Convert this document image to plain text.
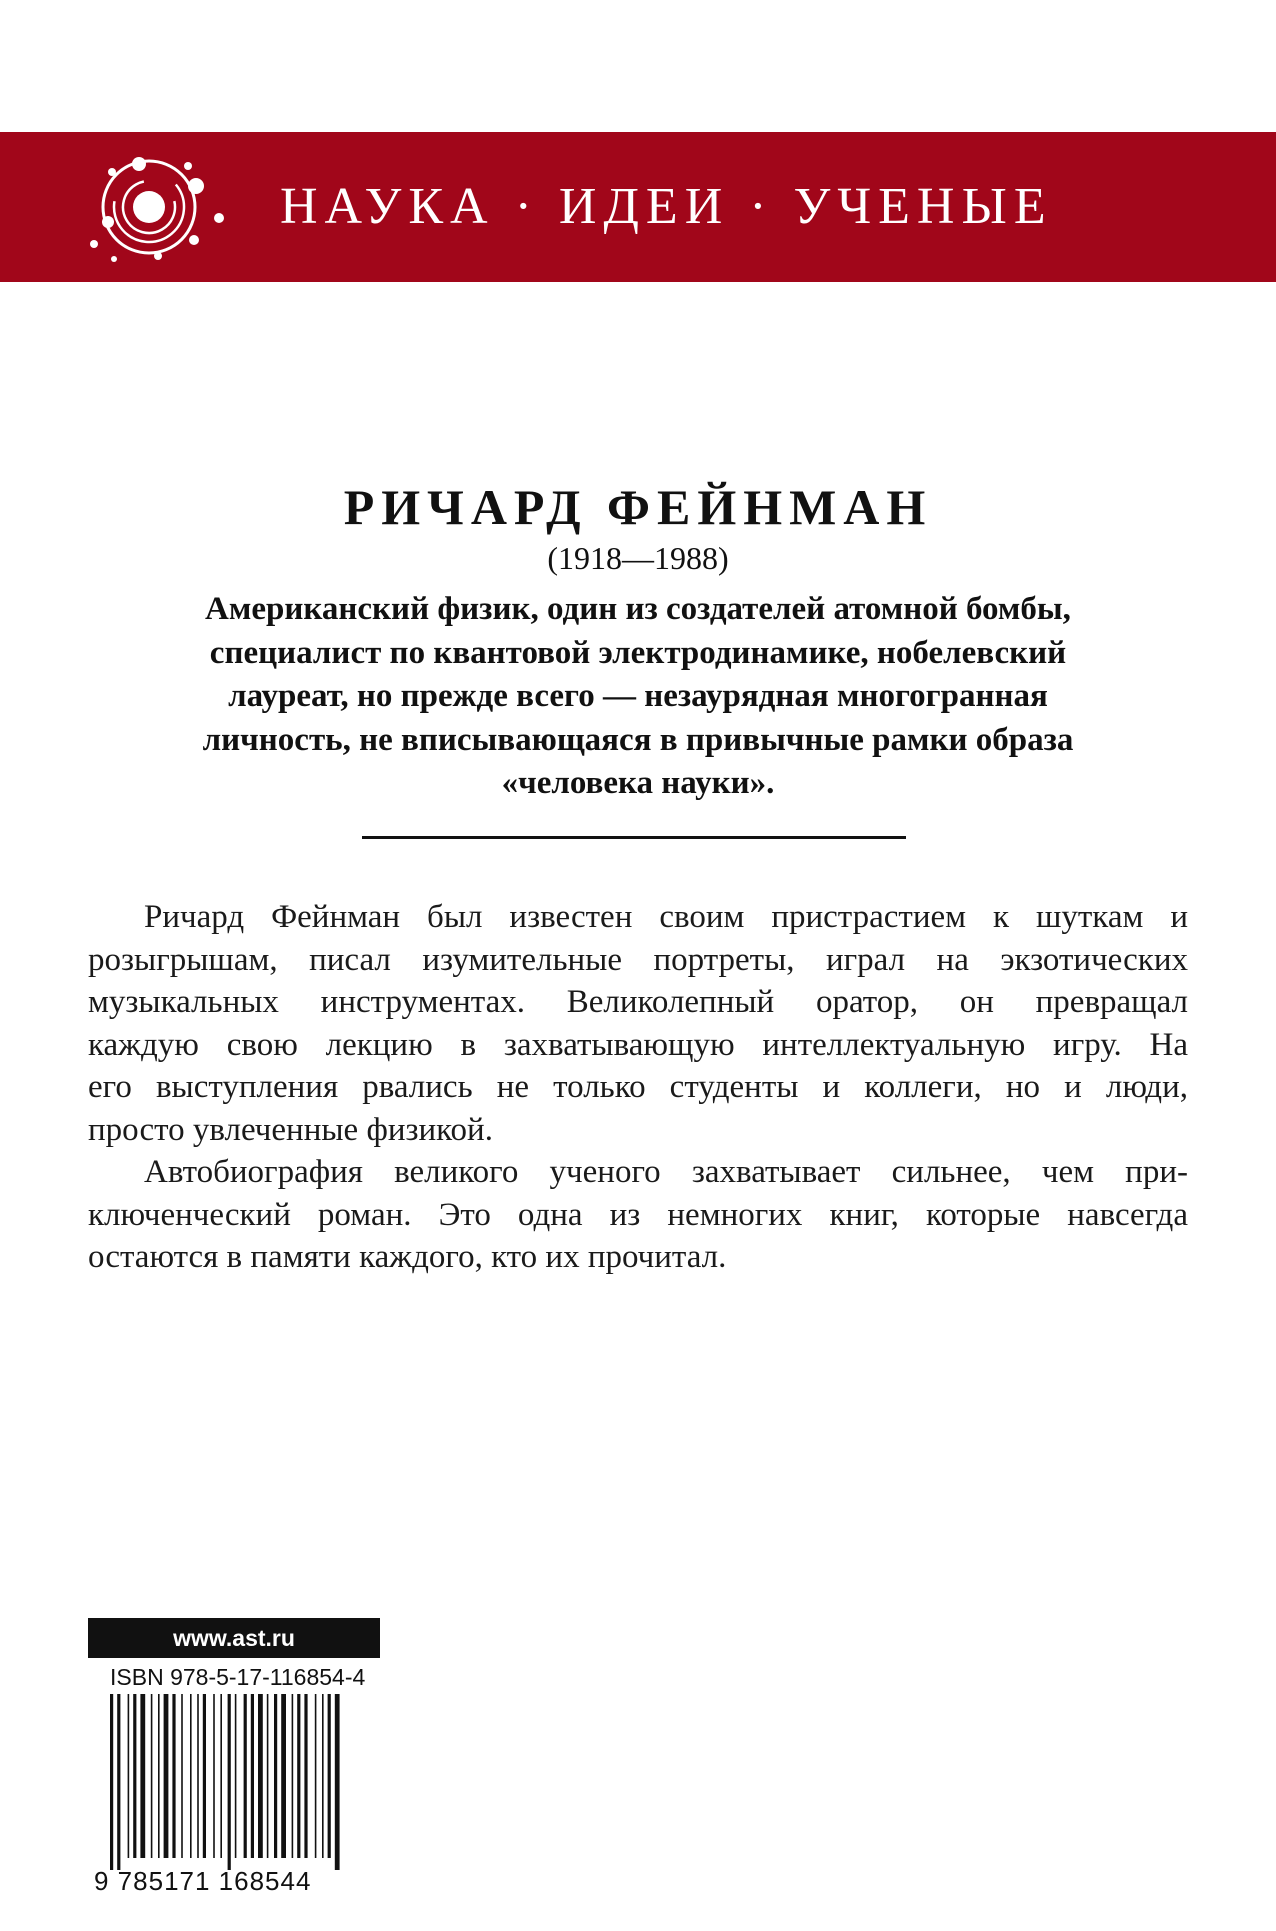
НАУКА · ИДЕИ · УЧЕНЫЕ
РИЧАРД ФЕЙНМАН
(1918—1988)
Американский физик, один из создателей атомной бомбы,
специалист по квантовой электродинамике, нобелевский
лауреат, но прежде всего — незаурядная многогранная
личность, не вписывающаяся в привычные рамки образа
«человека науки».
Ричард Фейнман был известен своим пристрастием к шуткам и
розыгрышам, писал изумительные портреты, играл на экзотических
музыкальных инструментах. Великолепный оратор, он превращал
каждую свою лекцию в захватывающую интеллектуальную игру. На
его выступления рвались не только студенты и коллеги, но и люди,
просто увлеченные физикой.
Автобиография великого ученого захватывает сильнее, чем при-
ключенческий роман. Это одна из немногих книг, которые навсегда
остаются в памяти каждого, кто их прочитал.
www.ast.ru
ISBN 978-5-17-116854-4
9 785171 168544
